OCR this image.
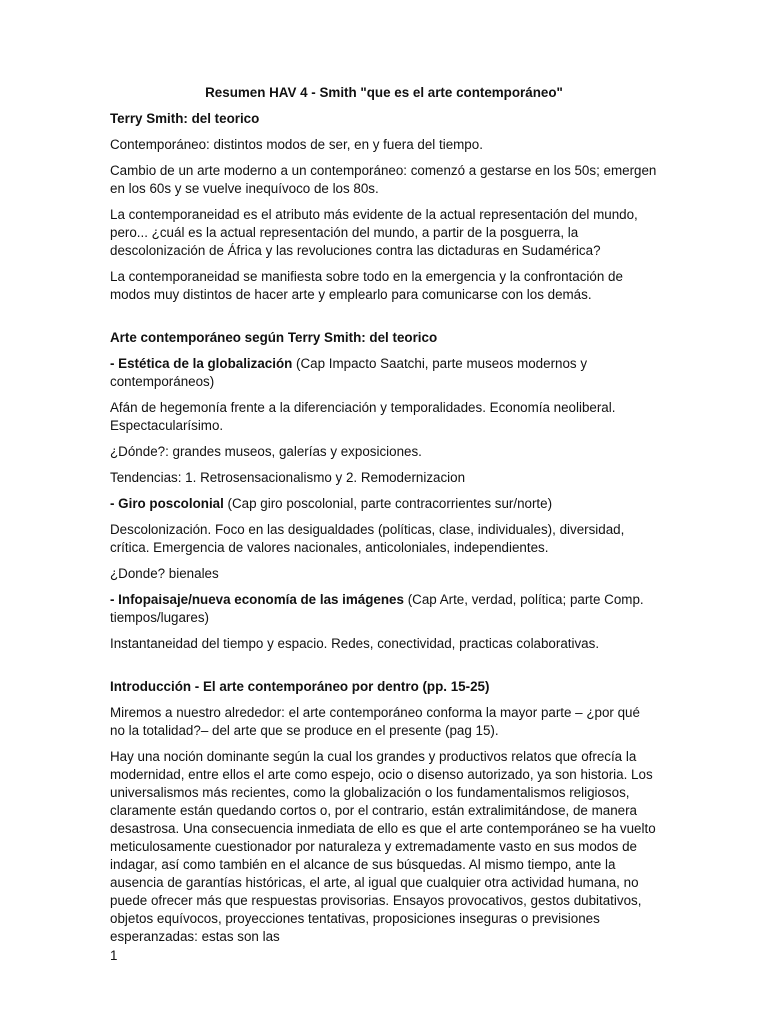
Resumen HAV 4 - Smith "que es el arte contemporáneo"

Terry Smith: del teorico

Contemporáneo: distintos modos de ser, en y fuera del tiempo.

Cambio de un arte moderno a un contemporáneo: comenzó a gestarse en los 50s; emergen en los 60s y se vuelve inequívoco de los 80s.

La contemporaneidad es el atributo más evidente de la actual representación del mundo, pero... ¿cuál es la actual representación del mundo, a partir de la posguerra, la descolonización de África y las revoluciones contra las dictaduras en Sudamérica?

La contemporaneidad se manifiesta sobre todo en la emergencia y la confrontación de modos muy distintos de hacer arte y emplearlo para comunicarse con los demás.

Arte contemporáneo según Terry Smith: del teorico

- Estética de la globalización (Cap Impacto Saatchi, parte museos modernos y contemporáneos)

Afán de hegemonía frente a la diferenciación y temporalidades. Economía neoliberal. Espectacularísimo.

¿Dónde?: grandes museos, galerías y exposiciones.

Tendencias: 1. Retrosensacionalismo y 2. Remodernizacion

- Giro poscolonial (Cap giro poscolonial, parte contracorrientes sur/norte)

Descolonización. Foco en las desigualdades (políticas, clase, individuales), diversidad, crítica. Emergencia de valores nacionales, anticoloniales, independientes.

¿Donde? bienales

- Infopaisaje/nueva economía de las imágenes (Cap Arte, verdad, política; parte Comp. tiempos/lugares)

Instantaneidad del tiempo y espacio. Redes, conectividad, practicas colaborativas.

Introducción - El arte contemporáneo por dentro (pp. 15-25)

Miremos a nuestro alrededor: el arte contemporáneo conforma la mayor parte – ¿por qué no la totalidad?– del arte que se produce en el presente (pag 15).

Hay una noción dominante según la cual los grandes y productivos relatos que ofrecía la modernidad, entre ellos el arte como espejo, ocio o disenso autorizado, ya son historia. Los universalismos más recientes, como la globalización o los fundamentalismos religiosos, claramente están quedando cortos o, por el contrario, están extralimitándose, de manera desastrosa. Una consecuencia inmediata de ello es que el arte contemporáneo se ha vuelto meticulosamente cuestionador por naturaleza y extremadamente vasto en sus modos de indagar, así como también en el alcance de sus búsquedas. Al mismo tiempo, ante la ausencia de garantías históricas, el arte, al igual que cualquier otra actividad humana, no puede ofrecer más que respuestas provisorias. Ensayos provocativos, gestos dubitativos, objetos equívocos, proyecciones tentativas, proposiciones inseguras o previsiones esperanzadas: estas son las

1
